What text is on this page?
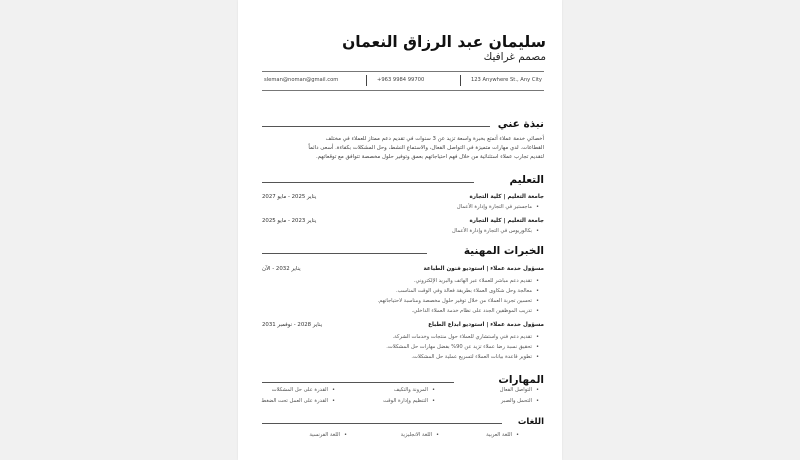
سليمان عبد الرزاق النعمان
مصمم غرافيك
sleman@noman@gmail.com	+963 9984 99700	123 Anywhere St., Any City
نبذة عني
أخصائي خدمة عملاء أتمتع بخبرة واسعة تزيد عن 3 سنوات في تقديم دعم ممتاز للعملاء في مختلف
القطاعات. لدي مهارات متميزة في التواصل الفعال، والاستماع النشط، وحل المشكلات بكفاءة. أسعى دائماً
لتقديم تجارب عملاء استثنائية من خلال فهم احتياجاتهم بعمق وتوفير حلول مخصصة تتوافق مع توقعاتهم.
التعليم
جامعة التعليم | كلية التجارة
يناير 2025 - مايو 2027
ماجستير في التجارة وإدارة الأعمال •
جامعة التعليم | كلية التجارة
يناير 2023 - مايو 2025
بكالوريوس في التجارة وإدارة الأعمال •
الخبرات المهنية
مسؤول خدمة عملاء | استوديو فنون الطباعة
يناير 2032 - الآن
تقديم دعم مباشر للعملاء عبر الهاتف والبريد الإلكتروني. •
معالجة وحل شكاوى العملاء بطريقة فعالة وفي الوقت المناسب. •
تحسين تجربة العملاء من خلال توفير حلول مخصصة ومناسبة لاحتياجاتهم. •
تدريب الموظفين الجدد على نظام خدمة العملاء الداخلي. •
مسؤول خدمة عملاء | استوديو ابداع الطباع
يناير 2028 - نوفمبر 2031
تقديم دعم فني واستشاري للعملاء حول منتجات وخدمات الشركة. •
تحقيق نسبة رضا عملاء تزيد عن 90% بفضل مهارات حل المشكلات. •
تطوير قاعدة بيانات العملاء لتسريع عملية حل المشكلات. •
المهارات
التواصل الفعال •
المرونة والتكيف •
القدرة على حل المشكلات •
التحمل والصبر •
التنظيم وإدارة الوقت •
القدرة على العمل تحت الضغط •
اللغات
اللغة العربية •
اللغة الانجليزية •
اللغة الفرنسية •
